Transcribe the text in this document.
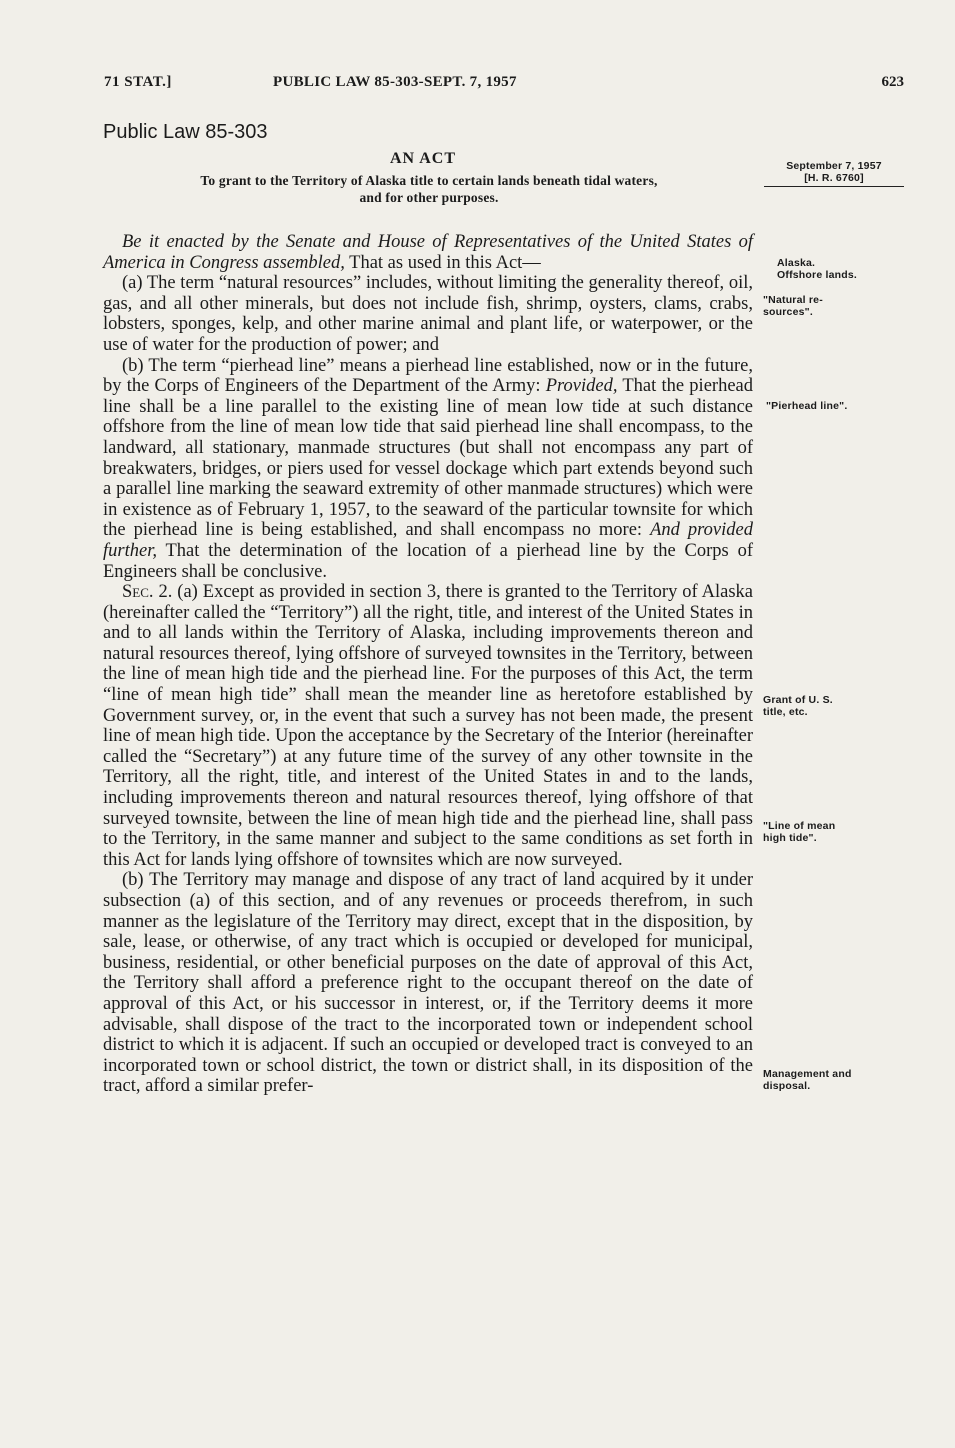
71 STAT.]	PUBLIC LAW 85-303-SEPT. 7, 1957	623
Public Law 85-303
AN ACT
To grant to the Territory of Alaska title to certain lands beneath tidal waters,
and for other purposes.
September 7, 1957
[H. R. 6760]
Alaska.
Offshore lands.
"Natural re-
sources".
"Pierhead line".
Grant of U. S.
title, etc.
"Line of mean
high tide".
Management and
disposal.

Be it enacted by the Senate and House of Representatives of the United States of America in Congress assembled, That as used in this Act—

(a) The term “natural resources” includes, without limiting the generality thereof, oil, gas, and all other minerals, but does not include fish, shrimp, oysters, clams, crabs, lobsters, sponges, kelp, and other marine animal and plant life, or waterpower, or the use of water for the production of power; and

(b) The term “pierhead line” means a pierhead line established, now or in the future, by the Corps of Engineers of the Department of the Army: Provided, That the pierhead line shall be a line parallel to the existing line of mean low tide at such distance offshore from the line of mean low tide that said pierhead line shall encompass, to the landward, all stationary, manmade structures (but shall not encompass any part of breakwaters, bridges, or piers used for vessel dockage which part extends beyond such a parallel line marking the seaward extremity of other manmade structures) which were in existence as of February 1, 1957, to the seaward of the particular townsite for which the pierhead line is being established, and shall encompass no more: And provided further, That the determination of the location of a pierhead line by the Corps of Engineers shall be conclusive.

Sec. 2. (a) Except as provided in section 3, there is granted to the Territory of Alaska (hereinafter called the “Territory”) all the right, title, and interest of the United States in and to all lands within the Territory of Alaska, including improvements thereon and natural resources thereof, lying offshore of surveyed townsites in the Territory, between the line of mean high tide and the pierhead line. For the purposes of this Act, the term “line of mean high tide” shall mean the meander line as heretofore established by Government survey, or, in the event that such a survey has not been made, the present line of mean high tide. Upon the acceptance by the Secretary of the Interior (hereinafter called the “Secretary”) at any future time of the survey of any other townsite in the Territory, all the right, title, and interest of the United States in and to the lands, including improvements thereon and natural resources thereof, lying offshore of that surveyed townsite, between the line of mean high tide and the pierhead line, shall pass to the Territory, in the same manner and subject to the same conditions as set forth in this Act for lands lying offshore of townsites which are now surveyed.

(b) The Territory may manage and dispose of any tract of land acquired by it under subsection (a) of this section, and of any revenues or proceeds therefrom, in such manner as the legislature of the Territory may direct, except that in the disposition, by sale, lease, or otherwise, of any tract which is occupied or developed for municipal, business, residential, or other beneficial purposes on the date of approval of this Act, the Territory shall afford a preference right to the occupant thereof on the date of approval of this Act, or his successor in interest, or, if the Territory deems it more advisable, shall dispose of the tract to the incorporated town or independent school district to which it is adjacent. If such an occupied or developed tract is conveyed to an incorporated town or school district, the town or district shall, in its disposition of the tract, afford a similar prefer-
